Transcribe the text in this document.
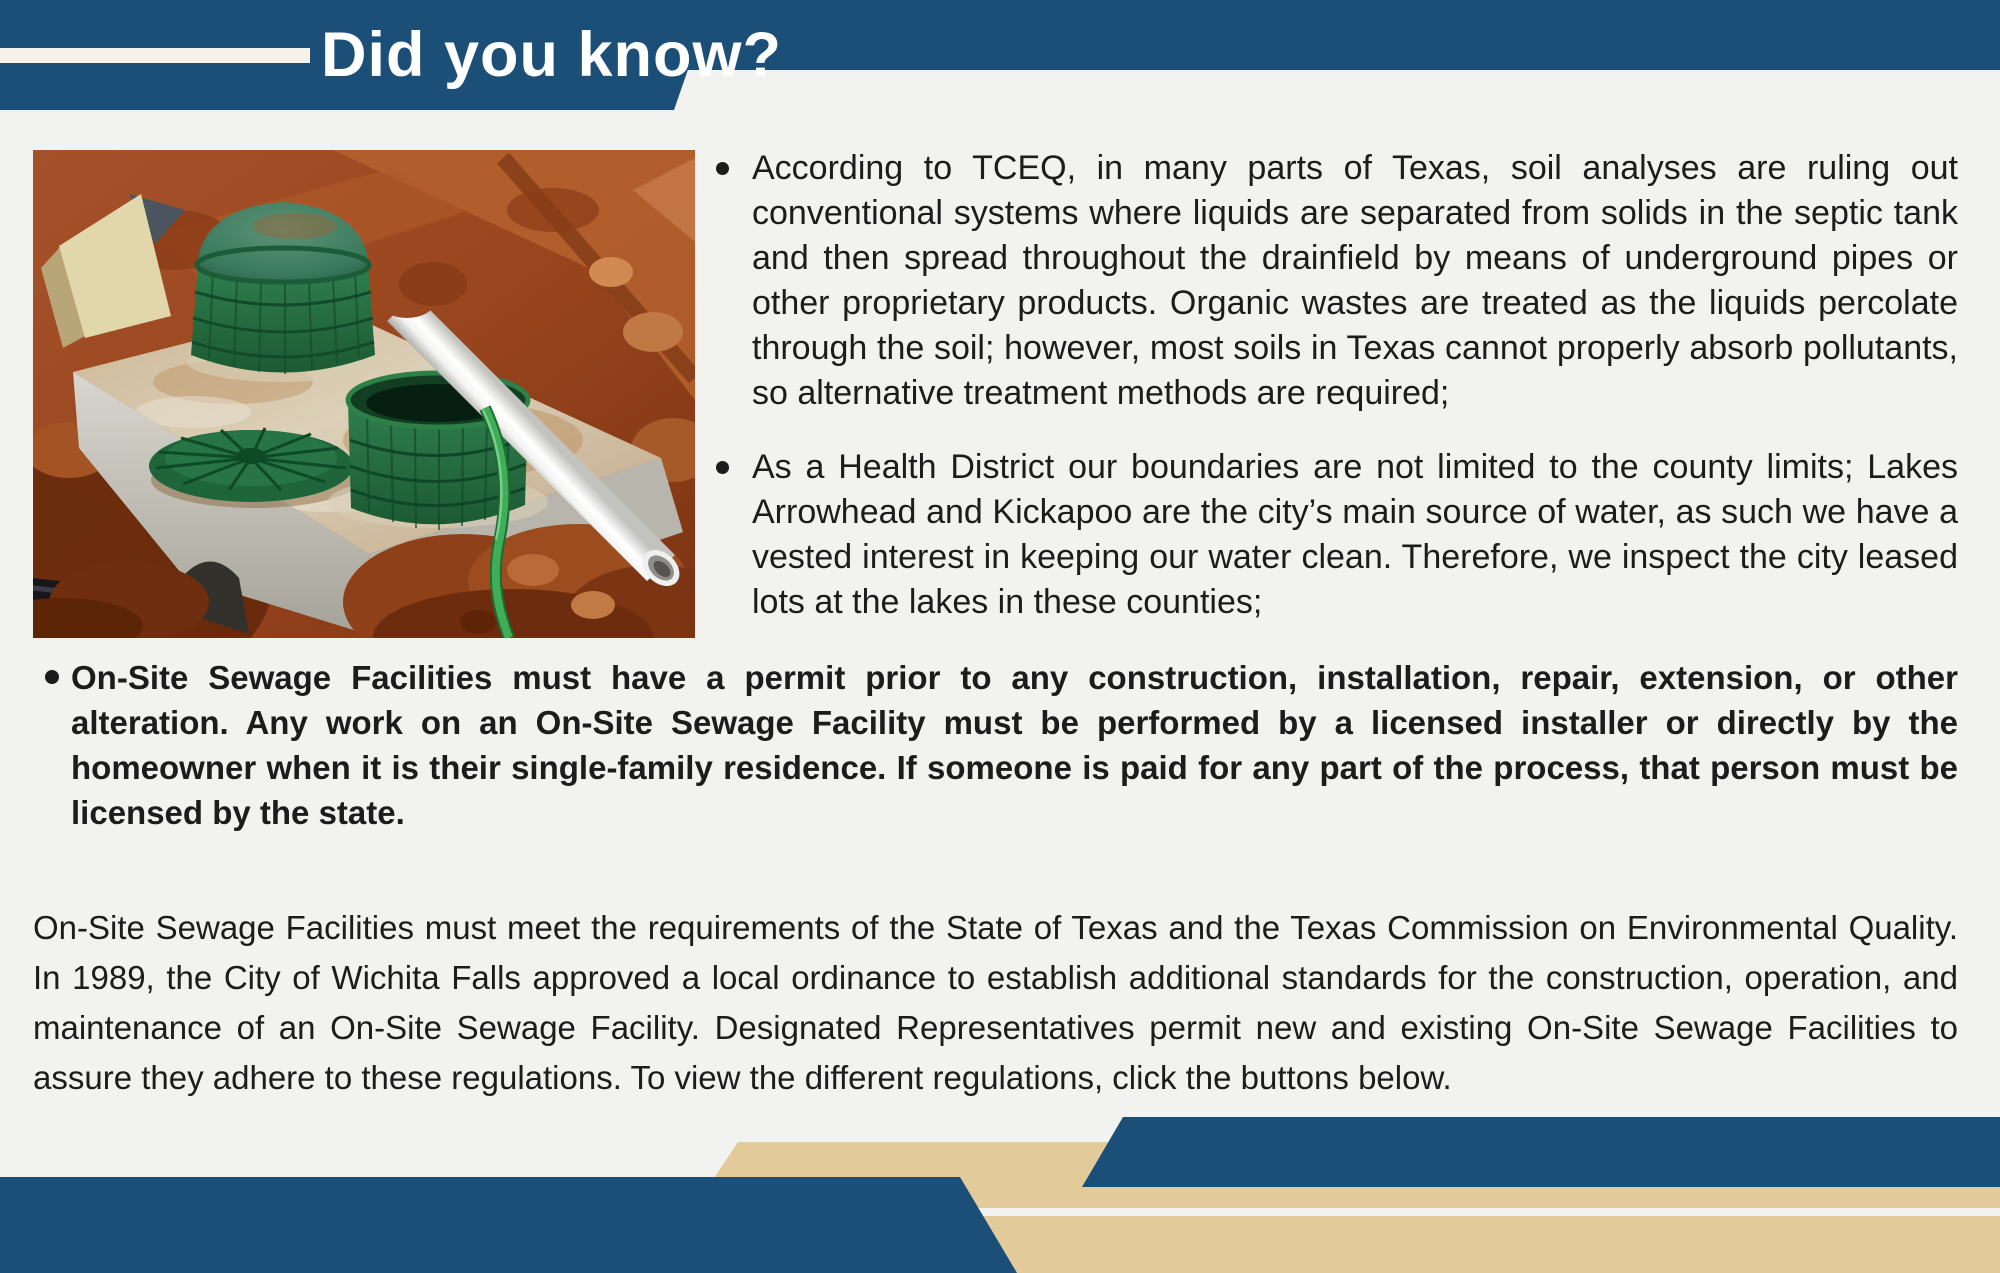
Did you know?
According to TCEQ, in many parts of Texas, soil analyses are ruling out conventional systems where liquids are separated from solids in the septic tank and then spread throughout the drainfield by means of underground pipes or other proprietary products. Organic wastes are treated as the liquids percolate through the soil; however, most soils in Texas cannot properly absorb pollutants, so alternative treatment methods are required;
As a Health District our boundaries are not limited to the county limits; Lakes Arrowhead and Kickapoo are the city’s main source of water, as such we have a vested interest in keeping our water clean. Therefore, we inspect the city leased lots at the lakes in these counties;
On-Site Sewage Facilities must have a permit prior to any construction, installation, repair, extension, or other alteration. Any work on an On-Site Sewage Facility must be performed by a licensed installer or directly by the homeowner when it is their single-family residence. If someone is paid for any part of the process, that person must be licensed by the state.

On-Site Sewage Facilities must meet the requirements of the State of Texas and the Texas Commission on Environmental Quality. In 1989, the City of Wichita Falls approved a local ordinance to establish additional standards for the construction, operation, and maintenance of an On-Site Sewage Facility. Designated Representatives permit new and existing On-Site Sewage Facilities to assure they adhere to these regulations. To view the different regulations, click the buttons below.
